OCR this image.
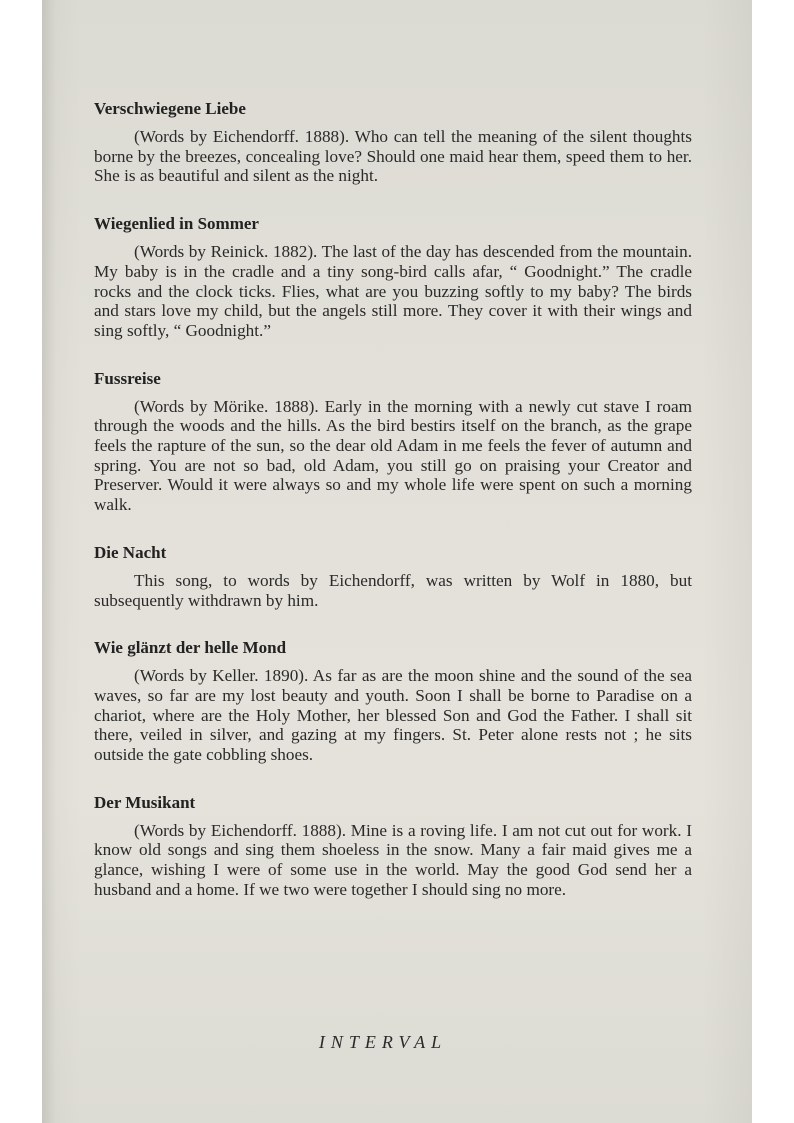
Verschwiegene Liebe

(Words by Eichendorff. 1888). Who can tell the meaning of the silent thoughts borne by the breezes, concealing love? Should one maid hear them, speed them to her. She is as beautiful and silent as the night.

Wiegenlied in Sommer

(Words by Reinick. 1882). The last of the day has descended from the mountain. My baby is in the cradle and a tiny song-bird calls afar, “ Goodnight.” The cradle rocks and the clock ticks. Flies, what are you buzzing softly to my baby? The birds and stars love my child, but the angels still more. They cover it with their wings and sing softly, “ Goodnight.”

Fussreise

(Words by Mörike. 1888). Early in the morning with a newly cut stave I roam through the woods and the hills. As the bird bestirs itself on the branch, as the grape feels the rapture of the sun, so the dear old Adam in me feels the fever of autumn and spring. You are not so bad, old Adam, you still go on praising your Creator and Preserver. Would it were always so and my whole life were spent on such a morning walk.

Die Nacht

This song, to words by Eichendorff, was written by Wolf in 1880, but subsequently withdrawn by him.

Wie glänzt der helle Mond

(Words by Keller. 1890). As far as are the moon shine and the sound of the sea waves, so far are my lost beauty and youth. Soon I shall be borne to Paradise on a chariot, where are the Holy Mother, her blessed Son and God the Father. I shall sit there, veiled in silver, and gazing at my fingers. St. Peter alone rests not ; he sits outside the gate cobbling shoes.

Der Musikant

(Words by Eichendorff. 1888). Mine is a roving life. I am not cut out for work. I know old songs and sing them shoeless in the snow. Many a fair maid gives me a glance, wishing I were of some use in the world. May the good God send her a husband and a home. If we two were together I should sing no more.

INTERVAL
